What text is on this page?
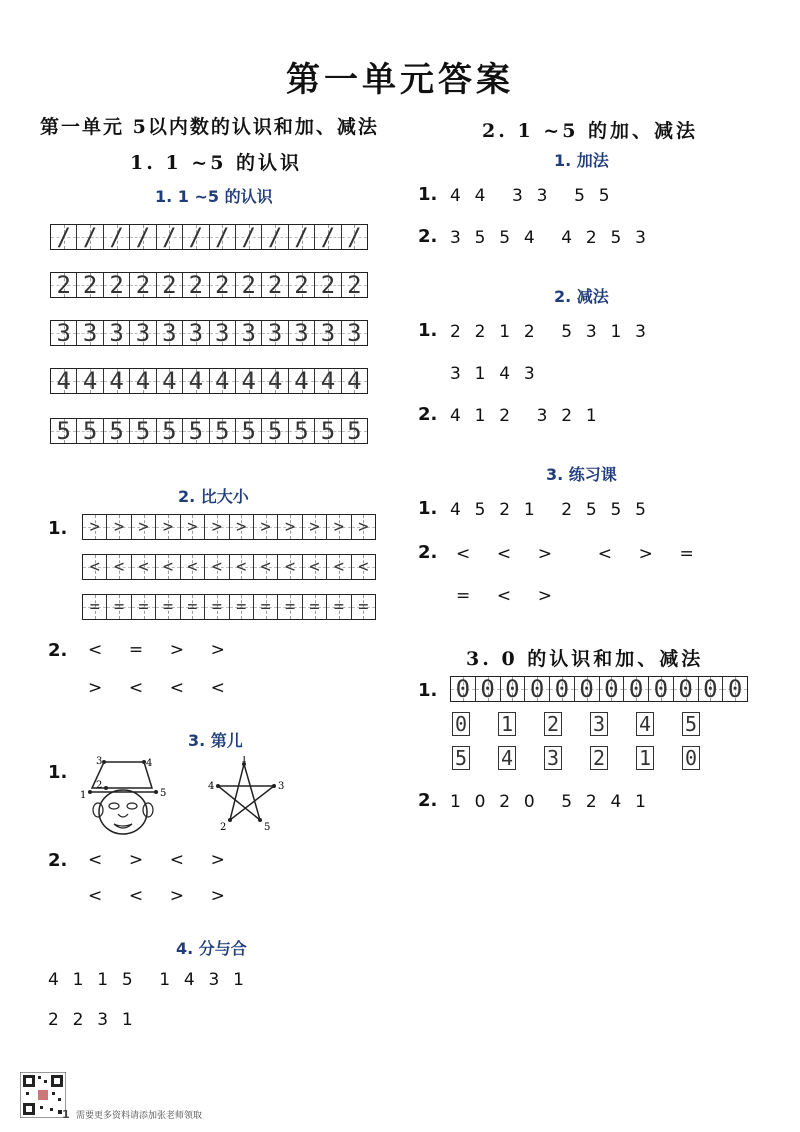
第一单元答案
第一单元 5以内数的认识和加、减法
1. 1 ~5 的认识
1. 1 ~5 的认识
/ / / / / / / / / / / /
2 2 2 2 2 2 2 2 2 2 2 2
3 3 3 3 3 3 3 3 3 3 3 3
4 4 4 4 4 4 4 4 4 4 4 4
5 5 5 5 5 5 5 5 5 5 5 5
2. 比大小
1. > > > > > > > > > > > >
< < < < < < < < < < < <
= = = = = = = = = = = =
2. <    =    >    >
>    <    <    <
3. 第儿
1.
3	4
1	5
2
1
4	3
2	5
2. <    >    <    >
<    <    >    >
4. 分与合
4  1  1  5    1  4  3  1
2  2  3  1
2. 1 ~5 的加、减法
1. 加法
1. 4  4    3  3    5  5
2. 3  5  5  4    4  2  5  3
2. 减法
1. 2  2  1  2    5  3  1  3
3  1  4  3
2. 4  1  2    3  2  1
3. 练习课
1. 4  5  2  1    2  5  5  5
2. <    <    >       <    >    =
=    <    >
3. 0 的认识和加、减法
1. 0 0 0 0 0 0 0 0 0 0 0 0
0 1 2 3 4 5
5 4 3 2 1 0
2. 1  0  2  0    5  2  4  1
1 需要更多资料请添加张老师领取
